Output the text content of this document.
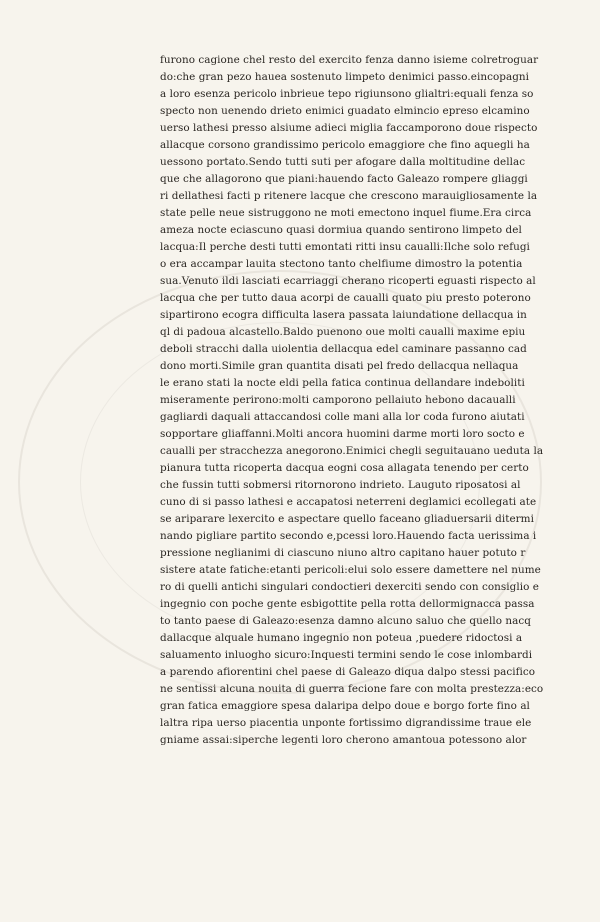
furono cagione chel resto del exercito fenza danno isieme colretroguar
do:che gran pezo hauea sostenuto limpeto denimici passo.eincopagni
a loro esenza pericolo inbrieue tepo rigiunsono glialtri:equali fenza so
specto non uenendo drieto enimici guadato elmincio epreso elcamino
uerso lathesi presso alsiume adieci miglia faccamporono doue rispecto
allacque corsono grandissimo pericolo emaggiore che fino aquegli ha
uessono portato.Sendo tutti suti per afogare dalla moltitudine dellac
que che allagorono que piani:hauendo facto Galeazo rompere gliaggi
ri dellathesi facti p ritenere lacque che crescono marauigliosamente la
state pelle neue sistruggono ne moti emectono inquel fiume.Era circa
ameza nocte eciascuno quasi dormiua quando sentirono limpeto del
lacqua:Il perche desti tutti emontati ritti insu caualli:Ilche solo refugi
o era accampar lauita stectono tanto chelfiume dimostro la potentia
sua.Venuto ildi lasciati ecarriaggi cherano ricoperti eguasti rispecto al
lacqua che per tutto daua acorpi de caualli quato piu presto poterono
sipartirono ecogra difficulta lasera passata laiundatione dellacqua in
ql di padoua alcastello.Baldo puenono oue molti caualli maxime epiu
deboli stracchi dalla uiolentia dellacqua edel caminare passanno cad
dono morti.Simile gran quantita disati pel fredo dellacqua nellaqua
le erano stati la nocte eldi pella fatica continua dellandare indeboliti
miseramente perirono:molti camporono pellaiuto hebono dacaualli
gagliardi daquali attaccandosi colle mani alla lor coda furono aiutati
sopportare gliaffanni.Molti ancora huomini darme morti loro socto e
caualli per stracchezza anegorono.Enimici chegli seguitauano ueduta la
pianura tutta ricoperta dacqua eogni cosa allagata tenendo per certo
che fussin tutti sobmersi ritornorono indrieto. Lauguto riposatosi al
cuno di si passo lathesi e accapatosi neterreni deglamici ecollegati ate
se ariparare lexercito e aspectare quello faceano gliaduersarii ditermi
nando pigliare partito secondo e,pcessi loro.Hauendo facta uerissima i
pressione neglianimi di ciascuno niuno altro capitano hauer potuto r
sistere atate fatiche:etanti pericoli:elui solo essere damettere nel nume
ro di quelli antichi singulari condoctieri dexerciti sendo con consiglio e
ingegnio con poche gente esbigottite pella rotta dellormignacca passa
to tanto paese di Galeazo:esenza damno alcuno saluo che quello nacq
dallacque alquale humano ingegnio non poteua ,puedere ridoctosi a
saluamento inluogho sicuro:Inquesti termini sendo le cose inlombardi
a parendo afiorentini chel paese di Galeazo diqua dalpo stessi pacifico
ne sentissi alcuna nouita di guerra fecione fare con molta prestezza:eco
gran fatica emaggiore spesa dalaripa delpo doue e borgo forte fino al
laltra ripa uerso piacentia unponte fortissimo digrandissime traue ele
gniame assai:siperche legenti loro cherono amantoua potessono alor
